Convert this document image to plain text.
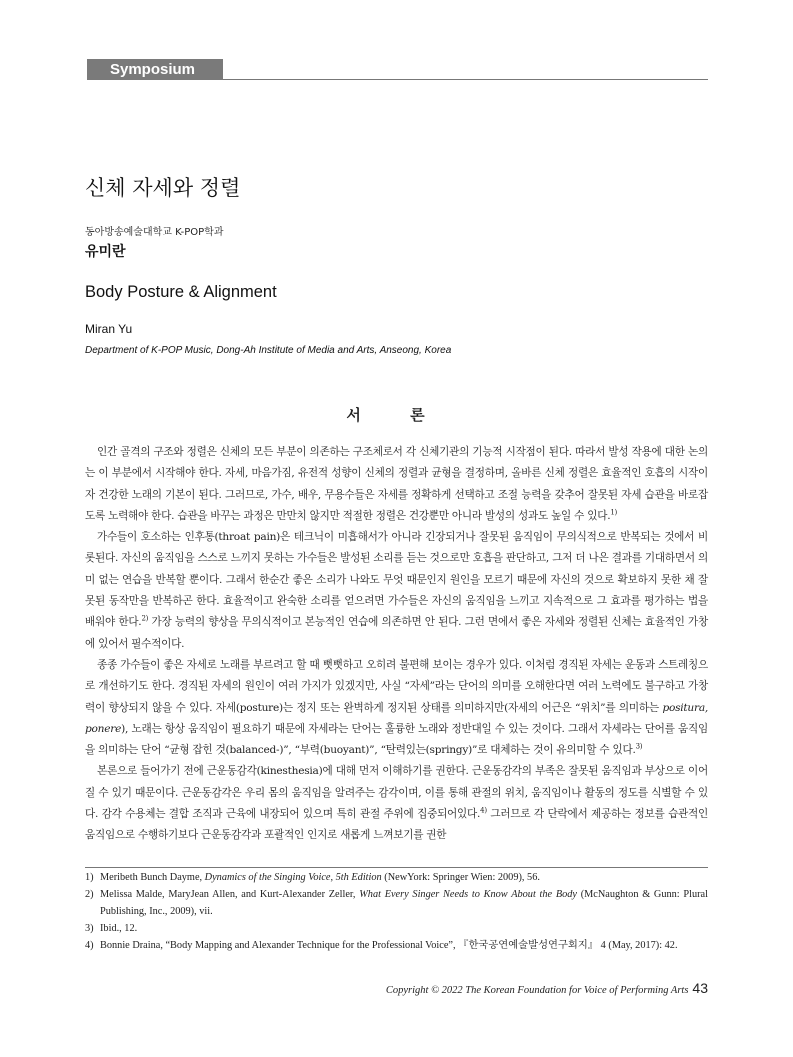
Symposium
신체 자세와 정렬
동아방송예술대학교 K-POP학과
유미란
Body Posture & Alignment
Miran Yu
Department of K-POP Music, Dong-Ah Institute of Media and Arts, Anseong, Korea
서 론

인간 골격의 구조와 정렬은 신체의 모든 부분이 의존하는 구조체로서 각 신체기관의 기능적 시작점이 된다. 따라서 발성 작용에 대한 논의는 이 부분에서 시작해야 한다. 자세, 마음가짐, 유전적 성향이 신체의 정렬과 균형을 결정하며, 올바른 신체 정렬은 효율적인 호흡의 시작이자 건강한 노래의 기본이 된다. 그러므로, 가수, 배우, 무용수들은 자세를 정확하게 선택하고 조절 능력을 갖추어 잘못된 자세 습관을 바로잡도록 노력해야 한다. 습관을 바꾸는 과정은 만만치 않지만 적절한 정렬은 건강뿐만 아니라 발성의 성과도 높일 수 있다.$^{1)}$

가수들이 호소하는 인후통(throat pain)은 테크닉이 미흡해서가 아니라 긴장되거나 잘못된 움직임이 무의식적으로 반복되는 것에서 비롯된다. 자신의 움직임을 스스로 느끼지 못하는 가수들은 발성된 소리를 듣는 것으로만 호흡을 판단하고, 그저 더 나은 결과를 기대하면서 의미 없는 연습을 반복할 뿐이다. 그래서 한순간 좋은 소리가 나와도 무엇 때문인지 원인을 모르기 때문에 자신의 것으로 확보하지 못한 채 잘못된 동작만을 반복하곤 한다. 효율적이고 완숙한 소리를 얻으려면 가수들은 자신의 움직임을 느끼고 지속적으로 그 효과를 평가하는 법을 배워야 한다.$^{2)}$ 가장 능력의 향상을 무의식적이고 본능적인 연습에 의존하면 안 된다. 그런 면에서 좋은 자세와 정렬된 신체는 효율적인 가창에 있어서 필수적이다.

종종 가수들이 좋은 자세로 노래를 부르려고 할 때 뻣뻣하고 오히려 불편해 보이는 경우가 있다. 이처럼 경직된 자세는 운동과 스트레칭으로 개선하기도 한다. 경직된 자세의 원인이 여러 가지가 있겠지만, 사실 “자세”라는 단어의 의미를 오해한다면 여러 노력에도 불구하고 가창력이 향상되지 않을 수 있다. 자세(posture)는 정지 또는 완벽하게 정지된 상태를 의미하지만(자세의 어근은 “위치”를 의미하는 positura, ponere), 노래는 항상 움직임이 필요하기 때문에 자세라는 단어는 훌륭한 노래와 정반대일 수 있는 것이다. 그래서 자세라는 단어를 움직임을 의미하는 단어 “균형 잡힌 것(balanced-)”, “부력(buoyant)”, “탄력있는(springy)”로 대체하는 것이 유의미할 수 있다.$^{3)}$

본론으로 들어가기 전에 근운동감각(kinesthesia)에 대해 먼저 이해하기를 권한다. 근운동감각의 부족은 잘못된 움직임과 부상으로 이어질 수 있기 때문이다. 근운동감각은 우리 몸의 움직임을 알려주는 감각이며, 이를 통해 관절의 위치, 움직임이나 활동의 정도를 식별할 수 있다. 감각 수용체는 결합 조직과 근육에 내장되어 있으며 특히 관절 주위에 집중되어있다.$^{4)}$ 그러므로 각 단락에서 제공하는 정보를 습관적인 움직임으로 수행하기보다 근운동감각과 포괄적인 인지로 새롭게 느껴보기를 권한

1) Meribeth Bunch Dayme, Dynamics of the Singing Voice, 5th Edition (NewYork: Springer Wien: 2009), 56.
2) Melissa Malde, MaryJean Allen, and Kurt-Alexander Zeller, What Every Singer Needs to Know About the Body (McNaughton & Gunn: Plural Publishing, Inc., 2009), vii.
3) Ibid., 12.
4) Bonnie Draina, “Body Mapping and Alexander Technique for the Professional Voice”, 『한국공연예술발성연구회지』 4 (May, 2017): 42.
Copyright © 2022 The Korean Foundation for Voice of Performing Arts 43
